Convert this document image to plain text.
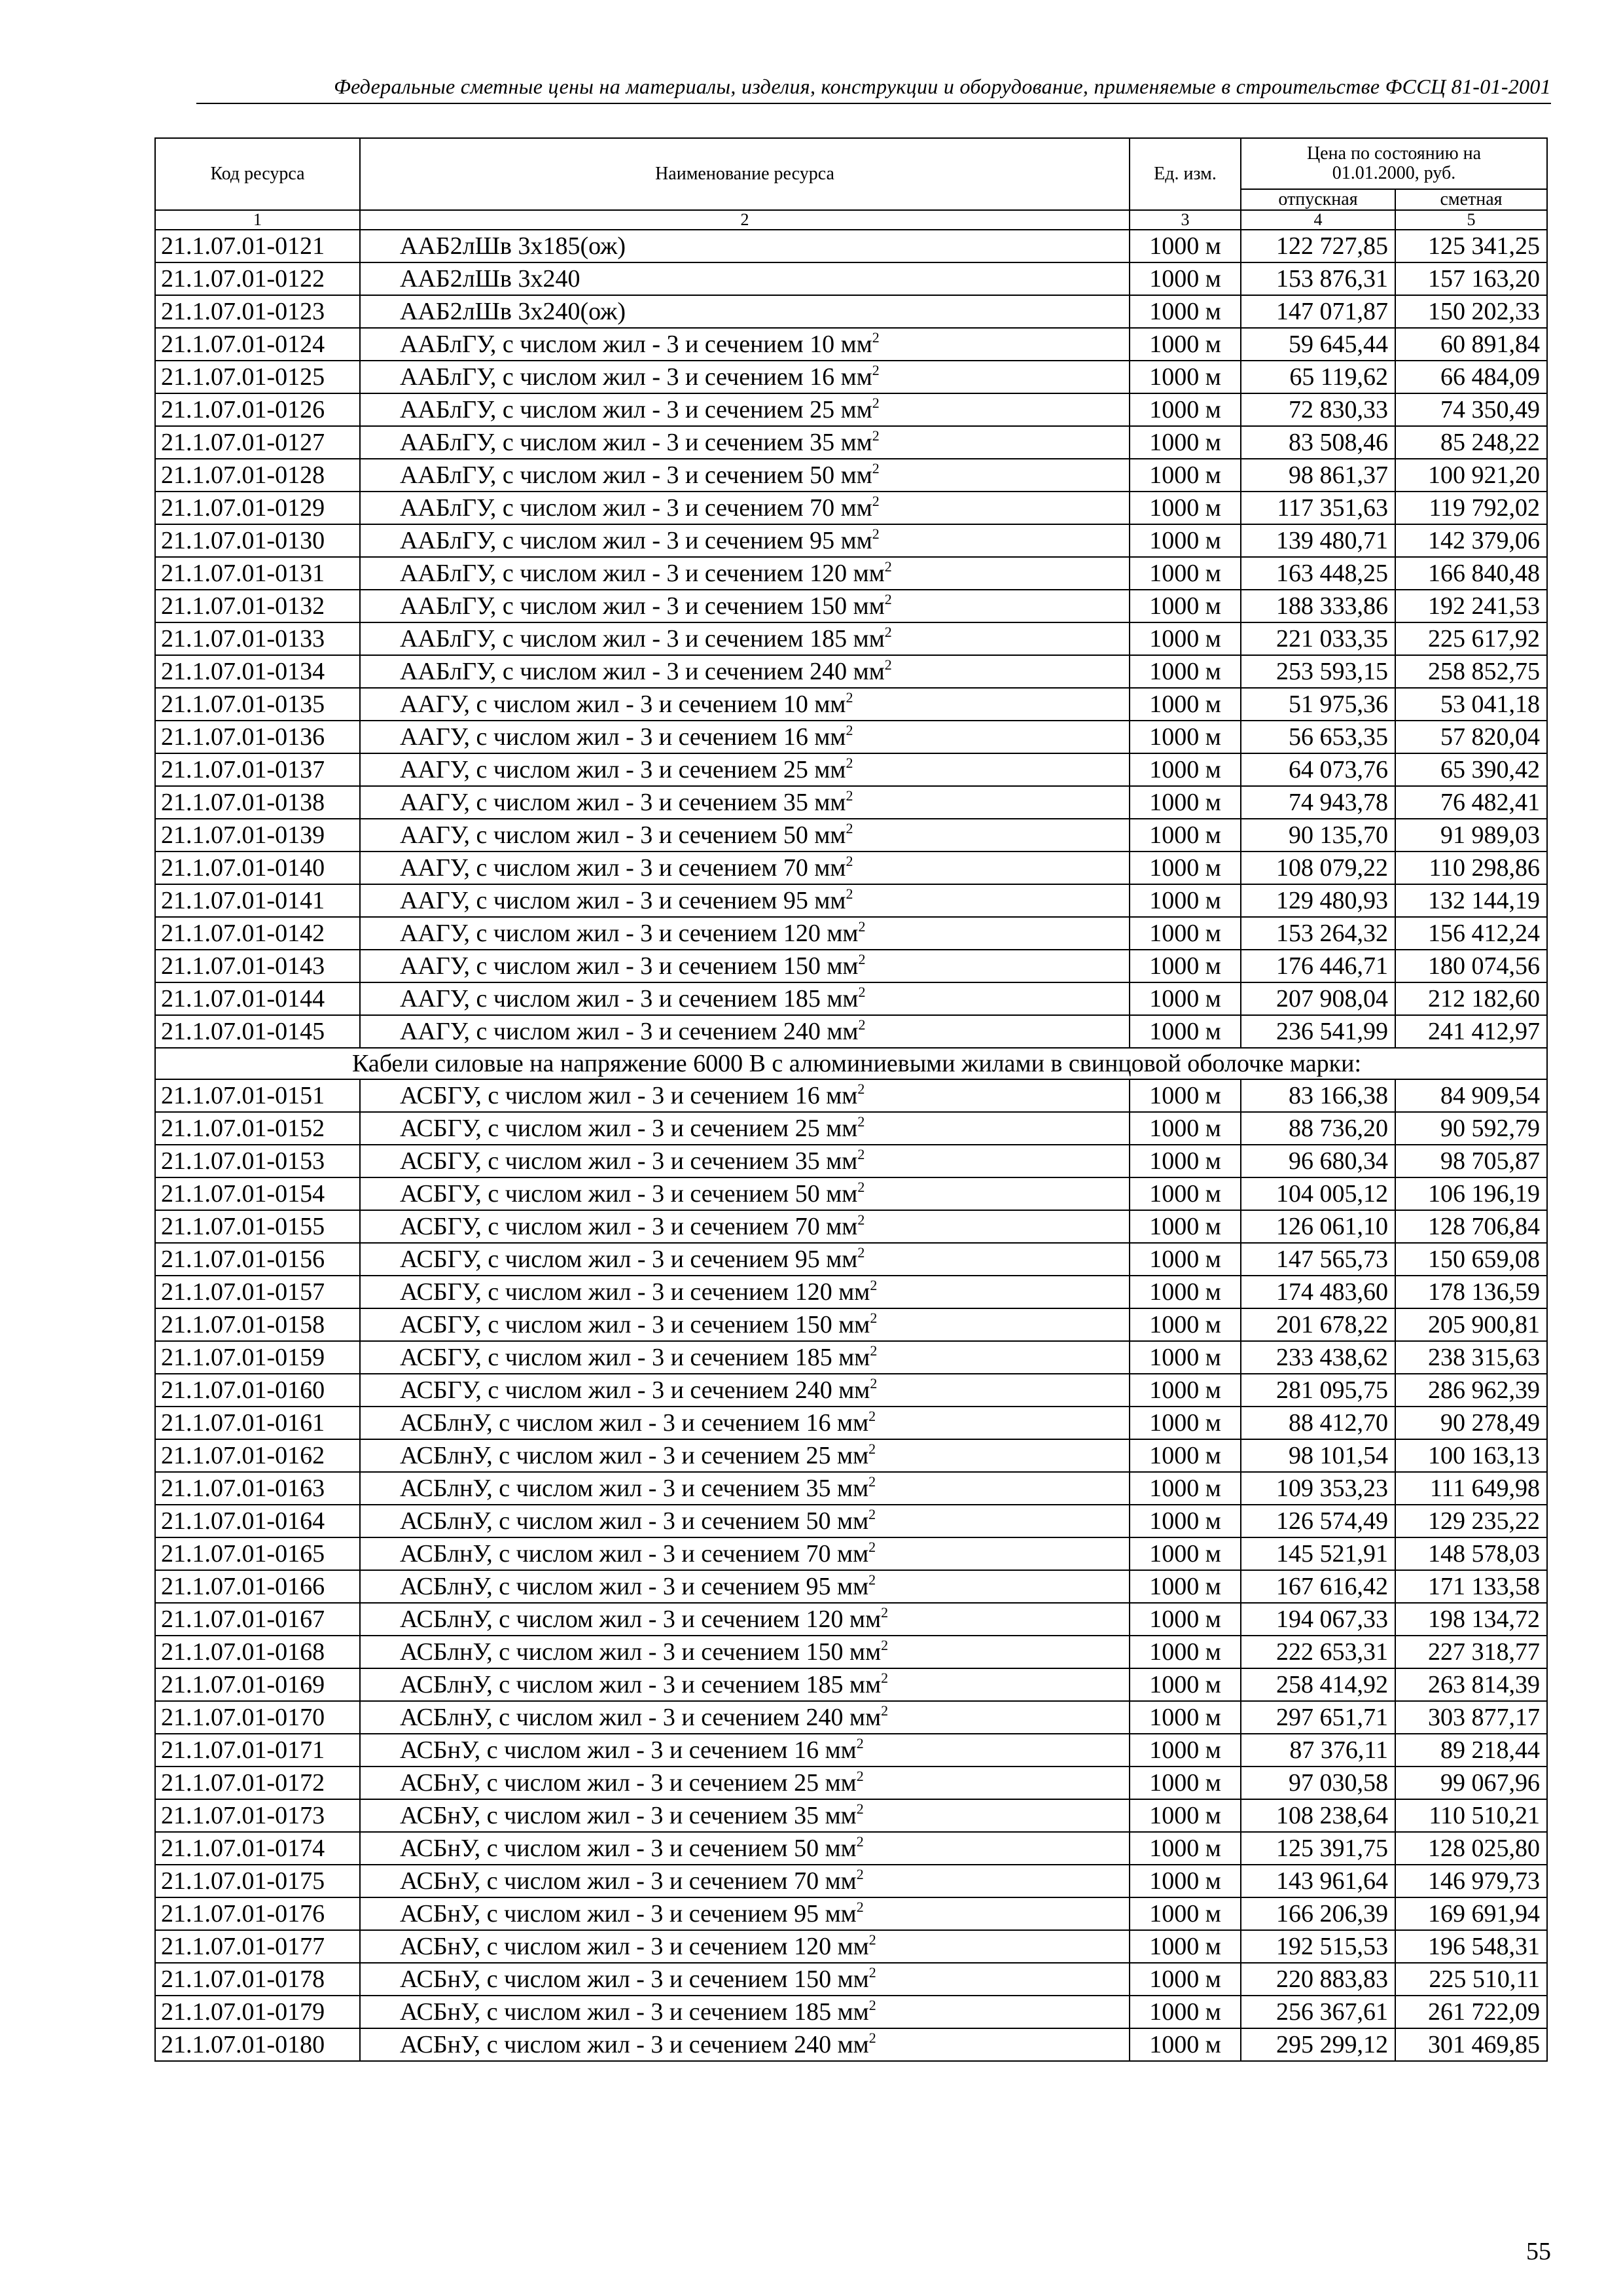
Федеральные сметные цены на материалы, изделия, конструкции и оборудование, применяемые в строительстве ФССЦ 81-01-2001
Код ресурса	Наименование ресурса	Ед. изм.	Цена по состоянию на 01.01.2000, руб.	
			отпускная	сметная
1	2	3	4	5
21.1.07.01-0121	ААБ2лШв 3х185(ож)	1000 м	122 727,85	125 341,25
21.1.07.01-0122	ААБ2лШв 3х240	1000 м	153 876,31	157 163,20
21.1.07.01-0123	ААБ2лШв 3х240(ож)	1000 м	147 071,87	150 202,33
21.1.07.01-0124	ААБлГУ, с числом жил - 3 и сечением 10 $мм^2$	1000 м	59 645,44	60 891,84
21.1.07.01-0125	ААБлГУ, с числом жил - 3 и сечением 16 $мм^2$	1000 м	65 119,62	66 484,09
21.1.07.01-0126	ААБлГУ, с числом жил - 3 и сечением 25 $мм^2$	1000 м	72 830,33	74 350,49
21.1.07.01-0127	ААБлГУ, с числом жил - 3 и сечением 35 $мм^2$	1000 м	83 508,46	85 248,22
21.1.07.01-0128	ААБлГУ, с числом жил - 3 и сечением 50 $мм^2$	1000 м	98 861,37	100 921,20
21.1.07.01-0129	ААБлГУ, с числом жил - 3 и сечением 70 $мм^2$	1000 м	117 351,63	119 792,02
21.1.07.01-0130	ААБлГУ, с числом жил - 3 и сечением 95 $мм^2$	1000 м	139 480,71	142 379,06
21.1.07.01-0131	ААБлГУ, с числом жил - 3 и сечением 120 $мм^2$	1000 м	163 448,25	166 840,48
21.1.07.01-0132	ААБлГУ, с числом жил - 3 и сечением 150 $мм^2$	1000 м	188 333,86	192 241,53
21.1.07.01-0133	ААБлГУ, с числом жил - 3 и сечением 185 $мм^2$	1000 м	221 033,35	225 617,92
21.1.07.01-0134	ААБлГУ, с числом жил - 3 и сечением 240 $мм^2$	1000 м	253 593,15	258 852,75
21.1.07.01-0135	ААГУ, с числом жил - 3 и сечением 10 $мм^2$	1000 м	51 975,36	53 041,18
21.1.07.01-0136	ААГУ, с числом жил - 3 и сечением 16 $мм^2$	1000 м	56 653,35	57 820,04
21.1.07.01-0137	ААГУ, с числом жил - 3 и сечением 25 $мм^2$	1000 м	64 073,76	65 390,42
21.1.07.01-0138	ААГУ, с числом жил - 3 и сечением 35 $мм^2$	1000 м	74 943,78	76 482,41
21.1.07.01-0139	ААГУ, с числом жил - 3 и сечением 50 $мм^2$	1000 м	90 135,70	91 989,03
21.1.07.01-0140	ААГУ, с числом жил - 3 и сечением 70 $мм^2$	1000 м	108 079,22	110 298,86
21.1.07.01-0141	ААГУ, с числом жил - 3 и сечением 95 $мм^2$	1000 м	129 480,93	132 144,19
21.1.07.01-0142	ААГУ, с числом жил - 3 и сечением 120 $мм^2$	1000 м	153 264,32	156 412,24
21.1.07.01-0143	ААГУ, с числом жил - 3 и сечением 150 $мм^2$	1000 м	176 446,71	180 074,56
21.1.07.01-0144	ААГУ, с числом жил - 3 и сечением 185 $мм^2$	1000 м	207 908,04	212 182,60
21.1.07.01-0145	ААГУ, с числом жил - 3 и сечением 240 $мм^2$	1000 м	236 541,99	241 412,97
Кабели силовые на напряжение 6000 В с алюминиевыми жилами в свинцовой оболочке марки:				
21.1.07.01-0151	АСБГУ, с числом жил - 3 и сечением 16 $мм^2$	1000 м	83 166,38	84 909,54
21.1.07.01-0152	АСБГУ, с числом жил - 3 и сечением 25 $мм^2$	1000 м	88 736,20	90 592,79
21.1.07.01-0153	АСБГУ, с числом жил - 3 и сечением 35 $мм^2$	1000 м	96 680,34	98 705,87
21.1.07.01-0154	АСБГУ, с числом жил - 3 и сечением 50 $мм^2$	1000 м	104 005,12	106 196,19
21.1.07.01-0155	АСБГУ, с числом жил - 3 и сечением 70 $мм^2$	1000 м	126 061,10	128 706,84
21.1.07.01-0156	АСБГУ, с числом жил - 3 и сечением 95 $мм^2$	1000 м	147 565,73	150 659,08
21.1.07.01-0157	АСБГУ, с числом жил - 3 и сечением 120 $мм^2$	1000 м	174 483,60	178 136,59
21.1.07.01-0158	АСБГУ, с числом жил - 3 и сечением 150 $мм^2$	1000 м	201 678,22	205 900,81
21.1.07.01-0159	АСБГУ, с числом жил - 3 и сечением 185 $мм^2$	1000 м	233 438,62	238 315,63
21.1.07.01-0160	АСБГУ, с числом жил - 3 и сечением 240 $мм^2$	1000 м	281 095,75	286 962,39
21.1.07.01-0161	АСБлнУ, с числом жил - 3 и сечением 16 $мм^2$	1000 м	88 412,70	90 278,49
21.1.07.01-0162	АСБлнУ, с числом жил - 3 и сечением 25 $мм^2$	1000 м	98 101,54	100 163,13
21.1.07.01-0163	АСБлнУ, с числом жил - 3 и сечением 35 $мм^2$	1000 м	109 353,23	111 649,98
21.1.07.01-0164	АСБлнУ, с числом жил - 3 и сечением 50 $мм^2$	1000 м	126 574,49	129 235,22
21.1.07.01-0165	АСБлнУ, с числом жил - 3 и сечением 70 $мм^2$	1000 м	145 521,91	148 578,03
21.1.07.01-0166	АСБлнУ, с числом жил - 3 и сечением 95 $мм^2$	1000 м	167 616,42	171 133,58
21.1.07.01-0167	АСБлнУ, с числом жил - 3 и сечением 120 $мм^2$	1000 м	194 067,33	198 134,72
21.1.07.01-0168	АСБлнУ, с числом жил - 3 и сечением 150 $мм^2$	1000 м	222 653,31	227 318,77
21.1.07.01-0169	АСБлнУ, с числом жил - 3 и сечением 185 $мм^2$	1000 м	258 414,92	263 814,39
21.1.07.01-0170	АСБлнУ, с числом жил - 3 и сечением 240 $мм^2$	1000 м	297 651,71	303 877,17
21.1.07.01-0171	АСБнУ, с числом жил - 3 и сечением 16 $мм^2$	1000 м	87 376,11	89 218,44
21.1.07.01-0172	АСБнУ, с числом жил - 3 и сечением 25 $мм^2$	1000 м	97 030,58	99 067,96
21.1.07.01-0173	АСБнУ, с числом жил - 3 и сечением 35 $мм^2$	1000 м	108 238,64	110 510,21
21.1.07.01-0174	АСБнУ, с числом жил - 3 и сечением 50 $мм^2$	1000 м	125 391,75	128 025,80
21.1.07.01-0175	АСБнУ, с числом жил - 3 и сечением 70 $мм^2$	1000 м	143 961,64	146 979,73
21.1.07.01-0176	АСБнУ, с числом жил - 3 и сечением 95 $мм^2$	1000 м	166 206,39	169 691,94
21.1.07.01-0177	АСБнУ, с числом жил - 3 и сечением 120 $мм^2$	1000 м	192 515,53	196 548,31
21.1.07.01-0178	АСБнУ, с числом жил - 3 и сечением 150 $мм^2$	1000 м	220 883,83	225 510,11
21.1.07.01-0179	АСБнУ, с числом жил - 3 и сечением 185 $мм^2$	1000 м	256 367,61	261 722,09
21.1.07.01-0180	АСБнУ, с числом жил - 3 и сечением 240 $мм^2$	1000 м	295 299,12	301 469,85
55
